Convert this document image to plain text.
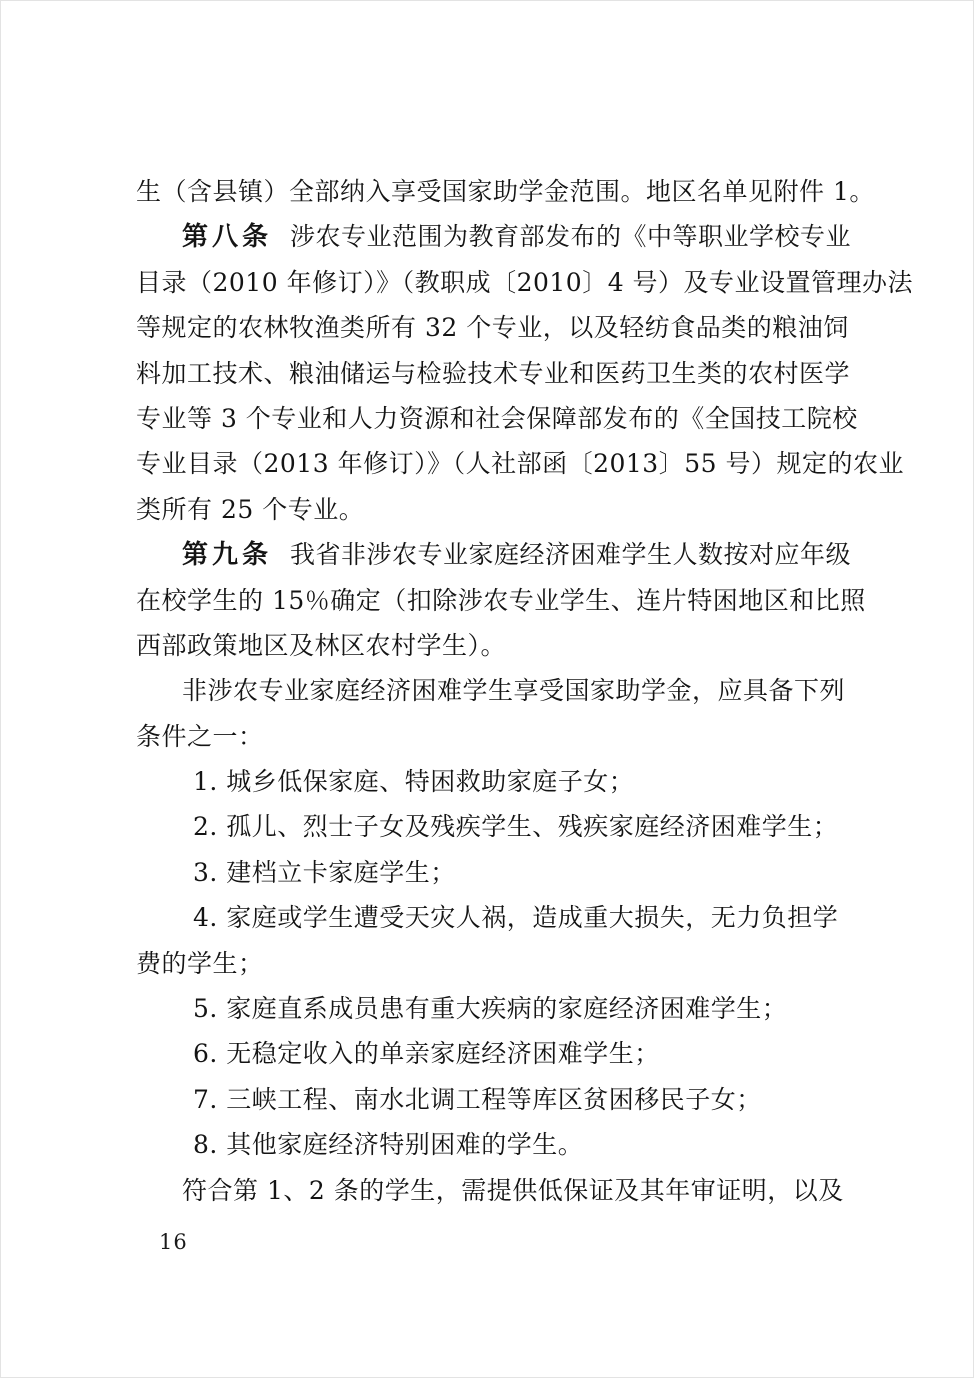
生（含县镇）全部纳入享受国家助学金范围。地区名单见附件 1。
第八条 涉农专业范围为教育部发布的《中等职业学校专业
目录（2010 年修订）》（教职成〔2010〕4 号）及专业设置管理办法
等规定的农林牧渔类所有 32 个专业，以及轻纺食品类的粮油饲
料加工技术、粮油储运与检验技术专业和医药卫生类的农村医学
专业等 3 个专业和人力资源和社会保障部发布的《全国技工院校
专业目录（2013 年修订）》（人社部函〔2013〕55 号）规定的农业
类所有 25 个专业。
第九条 我省非涉农专业家庭经济困难学生人数按对应年级
在校学生的 15％确定（扣除涉农专业学生、连片特困地区和比照
西部政策地区及林区农村学生）。
非涉农专业家庭经济困难学生享受国家助学金，应具备下列
条件之一：
1. 城乡低保家庭、特困救助家庭子女；
2. 孤儿、烈士子女及残疾学生、残疾家庭经济困难学生；
3. 建档立卡家庭学生；
4. 家庭或学生遭受天灾人祸，造成重大损失，无力负担学
费的学生；
5. 家庭直系成员患有重大疾病的家庭经济困难学生；
6. 无稳定收入的单亲家庭经济困难学生；
7. 三峡工程、南水北调工程等库区贫困移民子女；
8. 其他家庭经济特别困难的学生。
符合第 1、2 条的学生，需提供低保证及其年审证明，以及
16
